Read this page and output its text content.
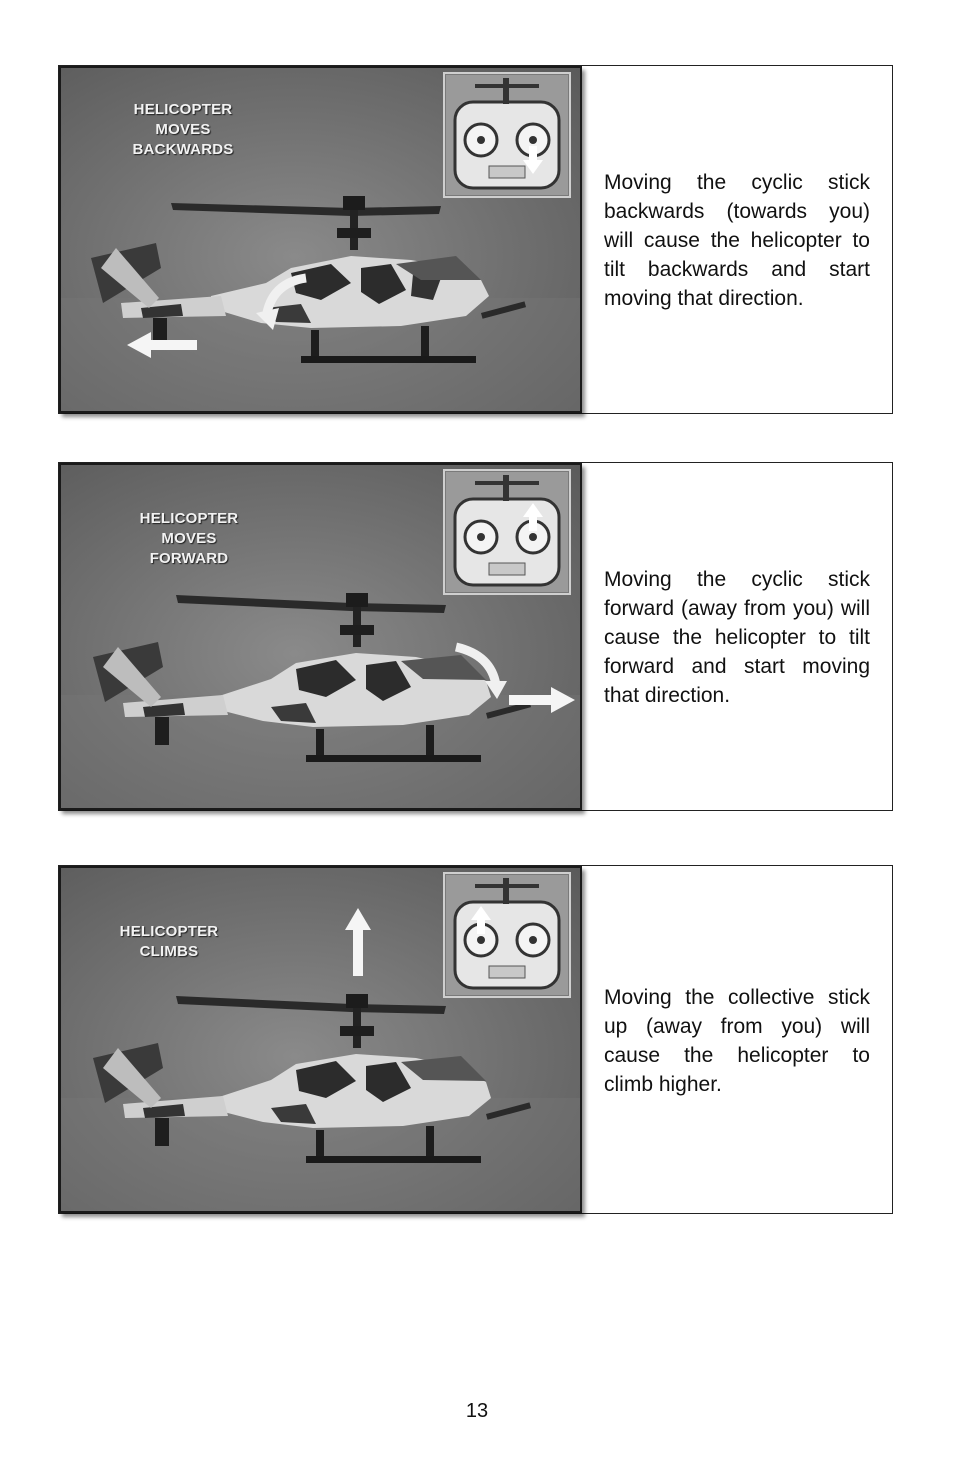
HELICOPTER
MOVES
BACKWARDS

Moving the cyclic stick backwards (towards you) will cause the helicopter to tilt backwards and start moving that direction.

HELICOPTER
MOVES
FORWARD

Moving the cyclic stick forward (away from you) will cause the helicopter to tilt forward and start moving that direction.

HELICOPTER
CLIMBS

Moving the collective stick up (away from you) will cause the helicopter to climb higher.

13
